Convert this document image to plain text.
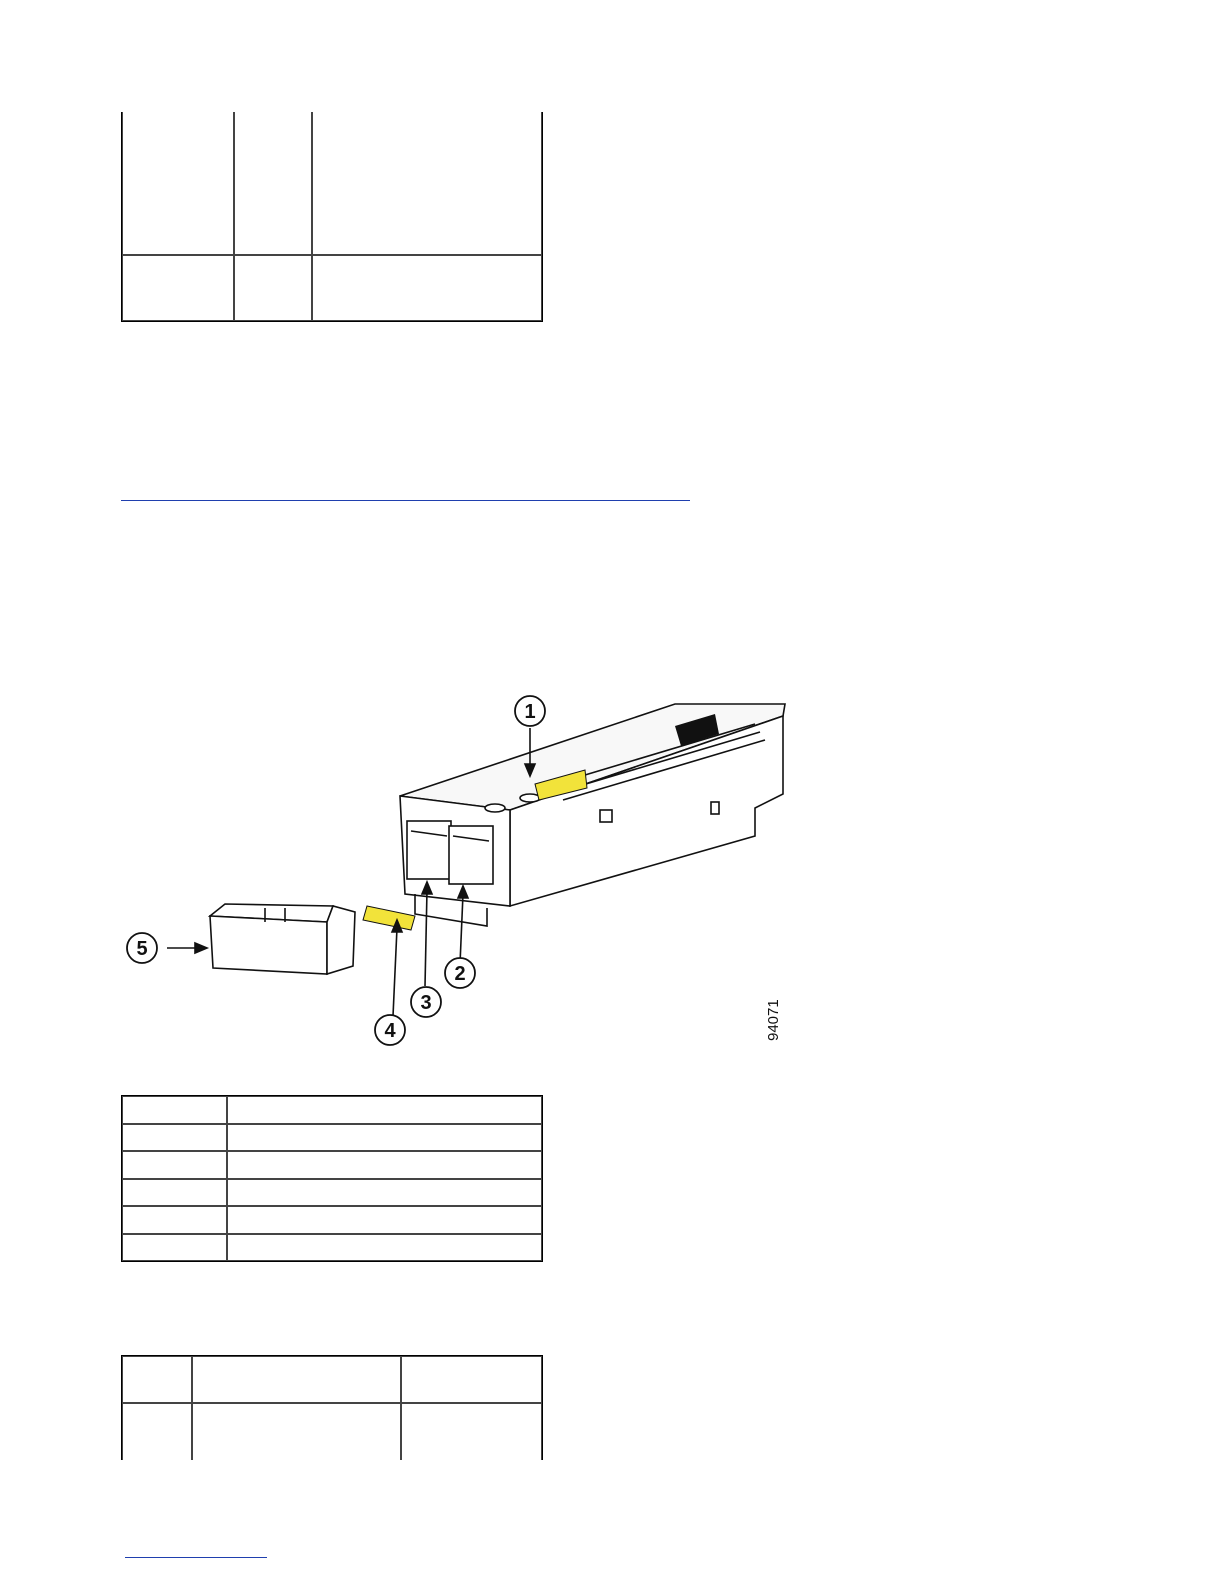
1
2
3
4
5
94071
